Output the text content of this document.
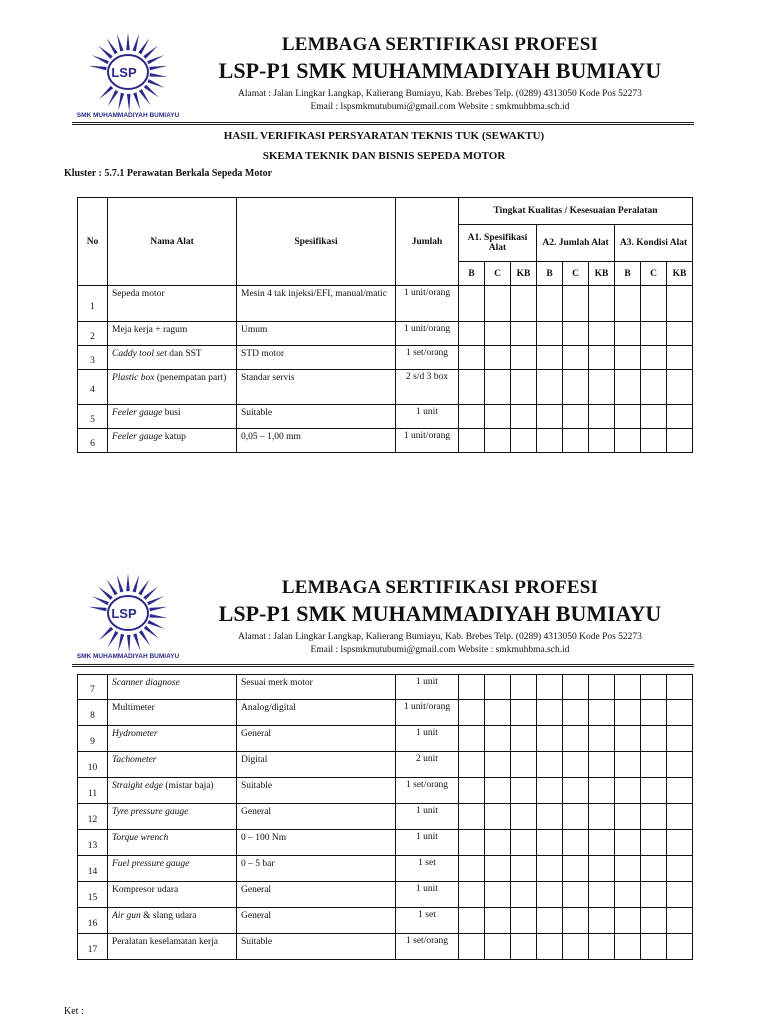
LSP
SMK MUHAMMADIYAH BUMIAYU
LEMBAGA SERTIFIKASI PROFESI
LSP-P1 SMK MUHAMMADIYAH BUMIAYU
Alamat : Jalan Lingkar Langkap, Kalierang Bumiayu, Kab. Brebes Telp. (0289) 4313050 Kode Pos 52273
Email : lspsmkmutubumi@gmail.com Website : smkmuhbma.sch.id
HASIL VERIFIKASI PERSYARATAN TEKNIS TUK (SEWAKTU)
SKEMA TEKNIK DAN BISNIS SEPEDA MOTOR
Kluster : 5.7.1 Perawatan Berkala Sepeda Motor
No	Nama Alat	Spesifikasi	Jumlah	Tingkat Kualitas / Kesesuaian Peralatan								
				A1. Spesifikasi Alat			A2. Jumlah Alat			A3. Kondisi Alat		
				B	C	KB	B	C	KB	B	C	KB
1	Sepeda motor	Mesin 4 tak injeksi/EFI, manual/matic	1 unit/orang									
2	Meja kerja + ragum	Umum	1 unit/orang									
3	Caddy tool set dan SST	STD motor	1 set/orang									
4	Plastic box (penempatan part)	Standar servis	2 s/d 3 box									
5	Feeler gauge busi	Suitable	1 unit									
6	Feeler gauge katup	0,05 – 1,00 mm	1 unit/orang									
LSP
SMK MUHAMMADIYAH BUMIAYU
LEMBAGA SERTIFIKASI PROFESI
LSP-P1 SMK MUHAMMADIYAH BUMIAYU
Alamat : Jalan Lingkar Langkap, Kalierang Bumiayu, Kab. Brebes Telp. (0289) 4313050 Kode Pos 52273
Email : lspsmkmutubumi@gmail.com Website : smkmuhbma.sch.id
7	Scanner diagnose	Sesuai merk motor	1 unit									
8	Multimeter	Analog/digital	1 unit/orang									
9	Hydrometer	General	1 unit									
10	Tachometer	Digital	2 unit									
11	Straight edge (mistar baja)	Suitable	1 set/orang									
12	Tyre pressure gauge	General	1 unit									
13	Torque wrench	0 – 100 Nm	1 unit									
14	Fuel pressure gauge	0 – 5 bar	1 set									
15	Kompresor udara	General	1 unit									
16	Air gun & slang udara	General	1 set									
17	Peralatan keselamatan kerja	Suitable	1 set/orang									
Ket :
